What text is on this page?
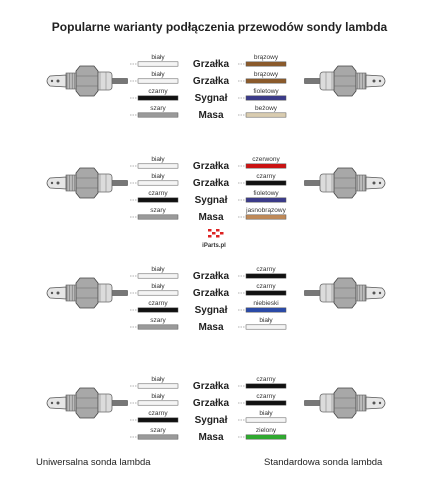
Popularne warianty podłączenia przewodów sondy lambda
biały
Grzałka
brązowy
biały
Grzałka
brązowy
czarny
Sygnał
fioletowy
szary
Masa
beżowy
biały
Grzałka
czerwony
biały
Grzałka
czarny
czarny
Sygnał
fioletowy
szary
Masa
jasnobrązowy
biały
Grzałka
czarny
biały
Grzałka
czarny
czarny
Sygnał
niebieski
szary
Masa
biały
biały
Grzałka
czarny
biały
Grzałka
czarny
czarny
Sygnał
biały
szary
Masa
zielony
iParts.pl
Uniwersalna sonda lambda	Standardowa sonda lambda
